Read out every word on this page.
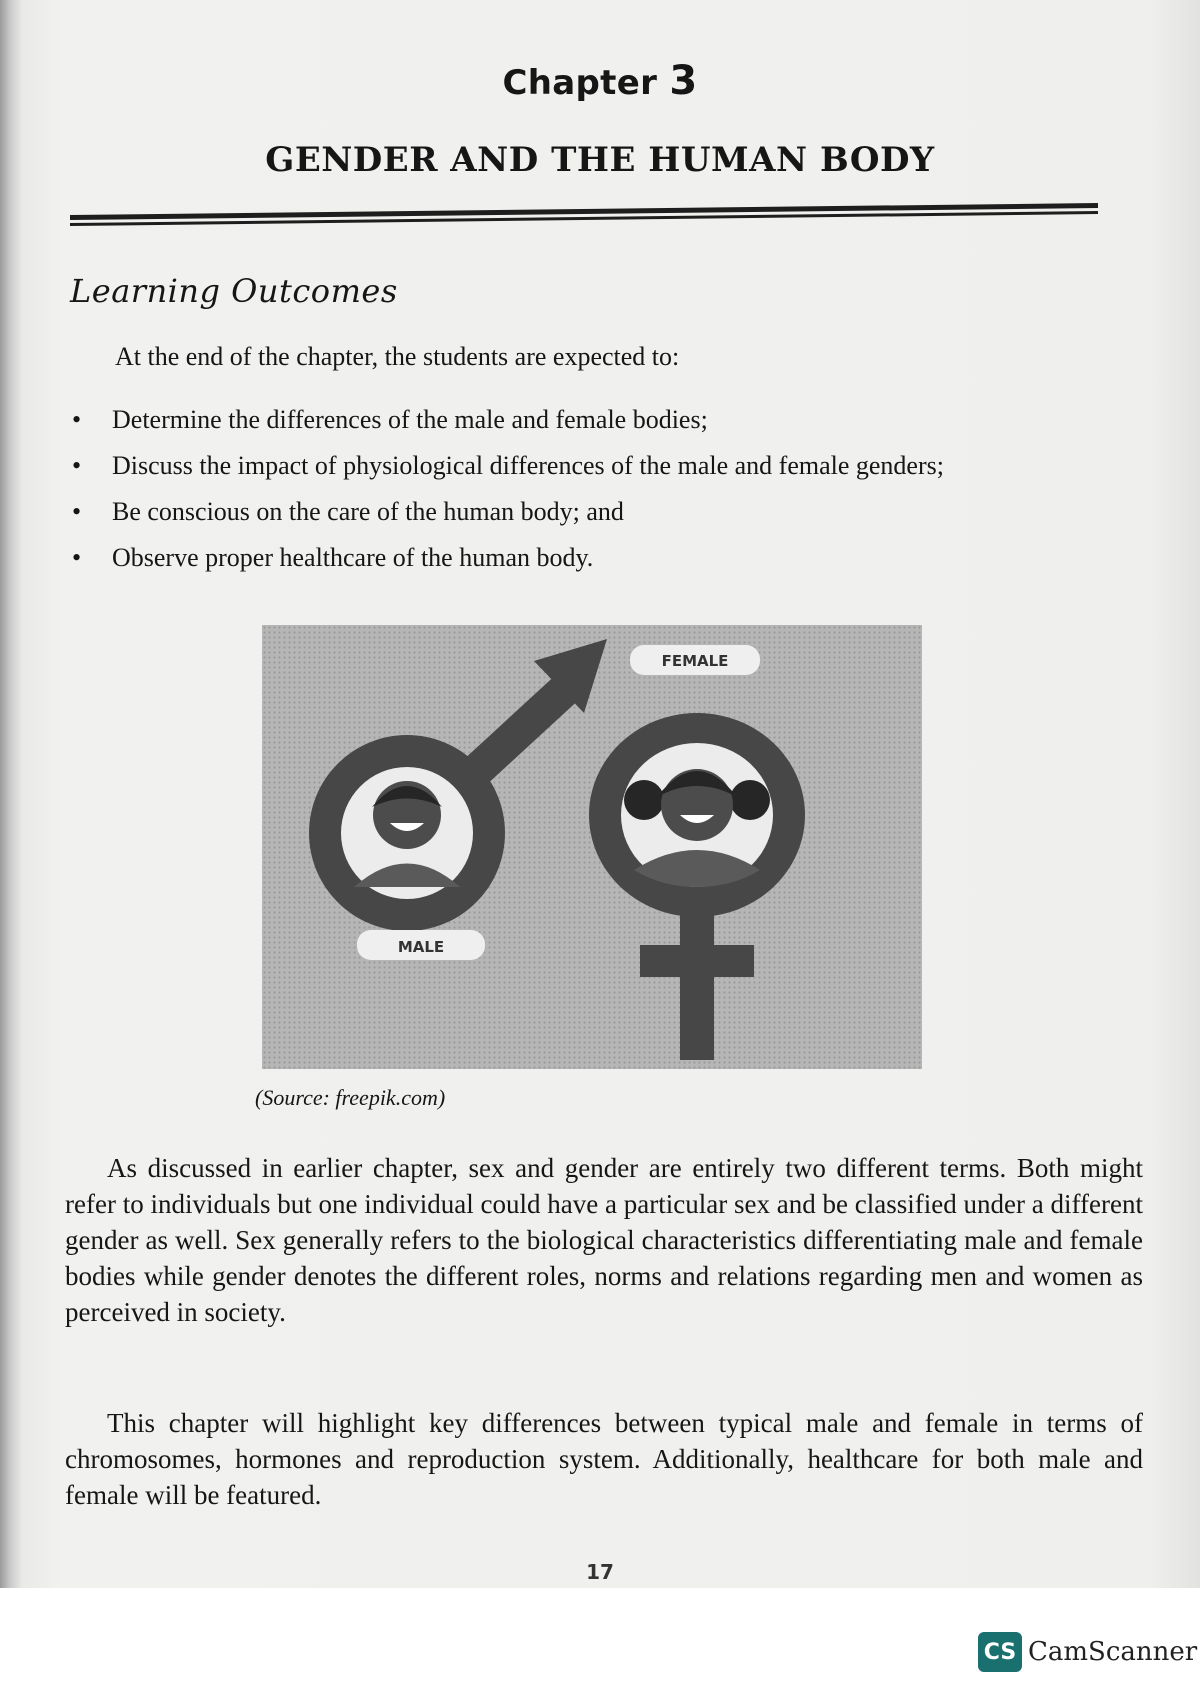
Chapter 3
GENDER AND THE HUMAN BODY
Learning Outcomes
At the end of the chapter, the students are expected to:
• Determine the differences of the male and female bodies;
• Discuss the impact of physiological differences of the male and female genders;
• Be conscious on the care of the human body; and
• Observe proper healthcare of the human body.
MALE
FEMALE
(Source: freepik.com)

As discussed in earlier chapter, sex and gender are entirely two different terms. Both might refer to individuals but one individual could have a particular sex and be classified under a different gender as well. Sex generally refers to the biological characteristics differentiating male and female bodies while gender denotes the different roles, norms and relations regarding men and women as perceived in society.

This chapter will highlight key differences between typical male and female in terms of chromosomes, hormones and reproduction system. Additionally, healthcare for both male and female will be featured.

17
CS CamScanner
